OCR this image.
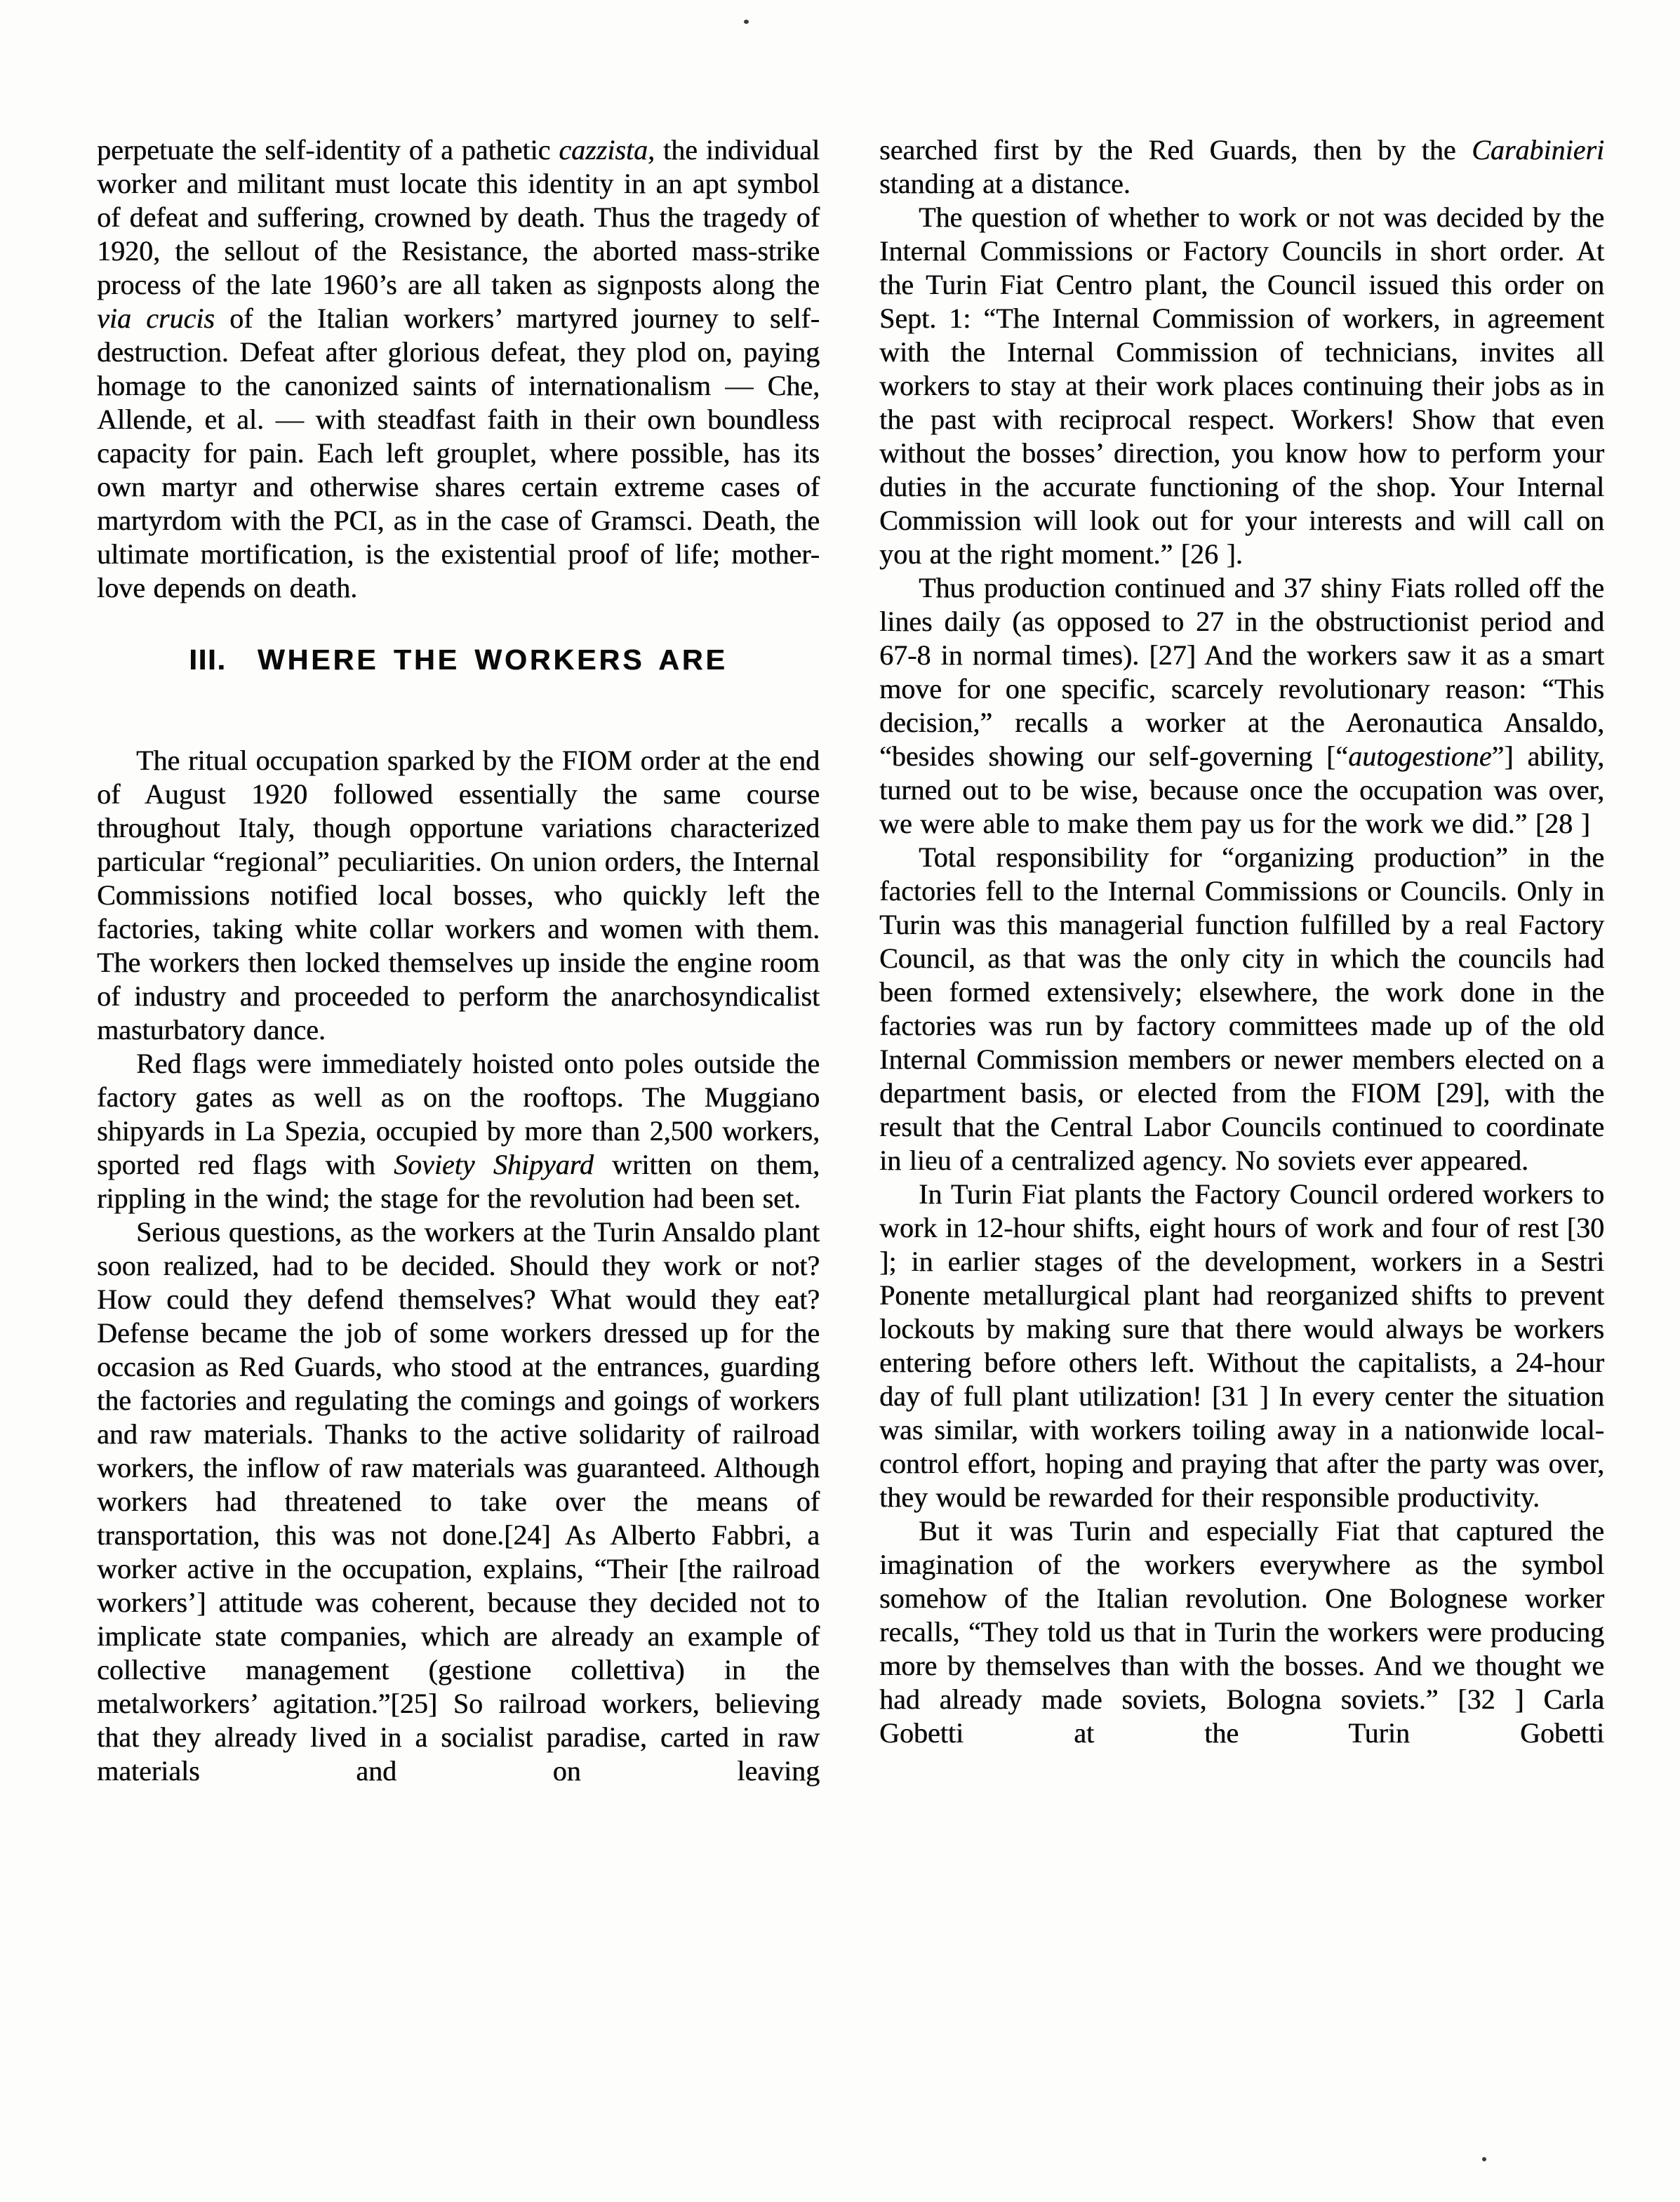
perpetuate the self-identity of a pathetic cazzista, the individual worker and militant must locate this identity in an apt symbol of defeat and suffering, crowned by death. Thus the tragedy of 1920, the sellout of the Resistance, the aborted mass-strike process of the late 1960’s are all taken as signposts along the via crucis of the Italian workers’ martyred journey to self-destruction. Defeat after glorious defeat, they plod on, paying homage to the canonized saints of internationalism — Che, Allende, et al. — with steadfast faith in their own boundless capacity for pain. Each left grouplet, where possible, has its own martyr and otherwise shares certain extreme cases of martyrdom with the PCI, as in the case of Gramsci. Death, the ultimate mortification, is the existential proof of life; mother-love depends on death.

III. WHERE THE WORKERS ARE

The ritual occupation sparked by the FIOM order at the end of August 1920 followed essentially the same course throughout Italy, though opportune variations characterized particular “regional” peculiarities. On union orders, the Internal Commissions notified local bosses, who quickly left the factories, taking white collar workers and women with them. The workers then locked themselves up inside the engine room of industry and proceeded to perform the anarchosyndicalist masturbatory dance.

Red flags were immediately hoisted onto poles outside the factory gates as well as on the rooftops. The Muggiano shipyards in La Spezia, occupied by more than 2,500 workers, sported red flags with Soviety Shipyard written on them, rippling in the wind; the stage for the revolution had been set.

Serious questions, as the workers at the Turin Ansaldo plant soon realized, had to be decided. Should they work or not? How could they defend themselves? What would they eat? Defense became the job of some workers dressed up for the occasion as Red Guards, who stood at the entrances, guarding the factories and regulating the comings and goings of workers and raw materials. Thanks to the active solidarity of railroad workers, the inflow of raw materials was guaranteed. Although workers had threatened to take over the means of transportation, this was not done.[24] As Alberto Fabbri, a worker active in the occupation, explains, “Their [the railroad workers’] attitude was coherent, because they decided not to implicate state companies, which are already an example of collective management (gestione collettiva) in the metalworkers’ agitation.”[25] So railroad workers, believing that they already lived in a socialist paradise, carted in raw materials and on leaving

searched first by the Red Guards, then by the Carabinieri standing at a distance.

The question of whether to work or not was decided by the Internal Commissions or Factory Councils in short order. At the Turin Fiat Centro plant, the Council issued this order on Sept. 1: “The Internal Commission of workers, in agreement with the Internal Commission of technicians, invites all workers to stay at their work places continuing their jobs as in the past with reciprocal respect. Workers! Show that even without the bosses’ direction, you know how to perform your duties in the accurate functioning of the shop. Your Internal Commission will look out for your interests and will call on you at the right moment.” [26 ].

Thus production continued and 37 shiny Fiats rolled off the lines daily (as opposed to 27 in the obstructionist period and 67-8 in normal times). [27] And the workers saw it as a smart move for one specific, scarcely revolutionary reason: “This decision,” recalls a worker at the Aeronautica Ansaldo, “besides showing our self-governing [“autogestione”] ability, turned out to be wise, because once the occupation was over, we were able to make them pay us for the work we did.” [28 ]

Total responsibility for “organizing production” in the factories fell to the Internal Commissions or Councils. Only in Turin was this managerial function fulfilled by a real Factory Council, as that was the only city in which the councils had been formed extensively; elsewhere, the work done in the factories was run by factory committees made up of the old Internal Commission members or newer members elected on a department basis, or elected from the FIOM [29], with the result that the Central Labor Councils continued to coordinate in lieu of a centralized agency. No soviets ever appeared.

In Turin Fiat plants the Factory Council ordered workers to work in 12-hour shifts, eight hours of work and four of rest [30 ]; in earlier stages of the development, workers in a Sestri Ponente metallurgical plant had reorganized shifts to prevent lockouts by making sure that there would always be workers entering before others left. Without the capitalists, a 24-hour day of full plant utilization! [31 ] In every center the situation was similar, with workers toiling away in a nationwide local-control effort, hoping and praying that after the party was over, they would be rewarded for their responsible productivity.

But it was Turin and especially Fiat that captured the imagination of the workers everywhere as the symbol somehow of the Italian revolution. One Bolognese worker recalls, “They told us that in Turin the workers were producing more by themselves than with the bosses. And we thought we had already made soviets, Bologna soviets.” [32 ] Carla Gobetti at the Turin Gobetti
